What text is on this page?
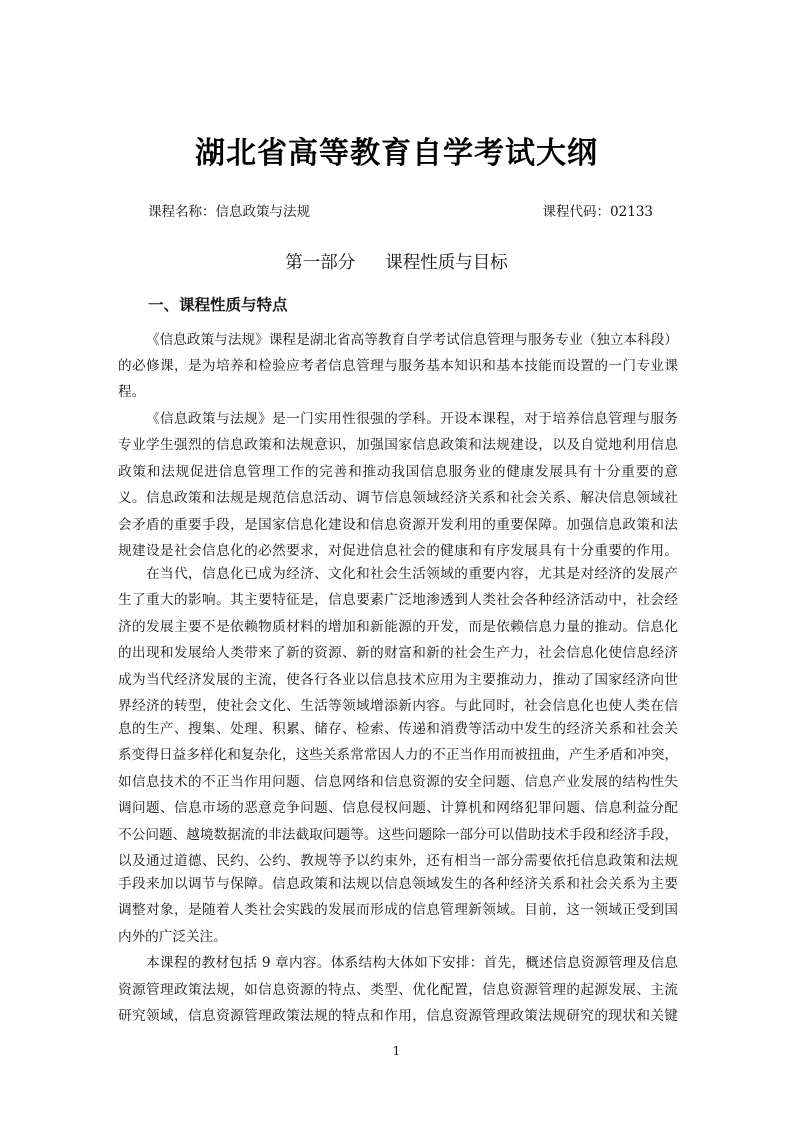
湖北省高等教育自学考试大纲
课程名称：信息政策与法规	课程代码：02133
第一部分 课程性质与目标
一、课程性质与特点
《信息政策与法规》课程是湖北省高等教育自学考试信息管理与服务专业（独立本科段）
的必修课，是为培养和检验应考者信息管理与服务基本知识和基本技能而设置的一门专业课
程。
《信息政策与法规》是一门实用性很强的学科。开设本课程，对于培养信息管理与服务
专业学生强烈的信息政策和法规意识，加强国家信息政策和法规建设，以及自觉地利用信息
政策和法规促进信息管理工作的完善和推动我国信息服务业的健康发展具有十分重要的意
义。信息政策和法规是规范信息活动、调节信息领域经济关系和社会关系、解决信息领域社
会矛盾的重要手段，是国家信息化建设和信息资源开发利用的重要保障。加强信息政策和法
规建设是社会信息化的必然要求，对促进信息社会的健康和有序发展具有十分重要的作用。
在当代，信息化已成为经济、文化和社会生活领域的重要内容，尤其是对经济的发展产
生了重大的影响。其主要特征是，信息要素广泛地渗透到人类社会各种经济活动中，社会经
济的发展主要不是依赖物质材料的增加和新能源的开发，而是依赖信息力量的推动。信息化
的出现和发展给人类带来了新的资源、新的财富和新的社会生产力，社会信息化使信息经济
成为当代经济发展的主流，使各行各业以信息技术应用为主要推动力，推动了国家经济向世
界经济的转型，使社会文化、生活等领域增添新内容。与此同时，社会信息化也使人类在信
息的生产、搜集、处理、积累、储存、检索、传递和消费等活动中发生的经济关系和社会关
系变得日益多样化和复杂化，这些关系常常因人力的不正当作用而被扭曲，产生矛盾和冲突，
如信息技术的不正当作用问题、信息网络和信息资源的安全问题、信息产业发展的结构性失
调问题、信息市场的恶意竞争问题、信息侵权问题、计算机和网络犯罪问题、信息利益分配
不公问题、越境数据流的非法截取问题等。这些问题除一部分可以借助技术手段和经济手段，
以及通过道德、民约、公约、教规等予以约束外，还有相当一部分需要依托信息政策和法规
手段来加以调节与保障。信息政策和法规以信息领域发生的各种经济关系和社会关系为主要
调整对象，是随着人类社会实践的发展而形成的信息管理新领域。目前，这一领域正受到国
内外的广泛关注。
本课程的教材包括 9 章内容。体系结构大体如下安排：首先，概述信息资源管理及信息
资源管理政策法规，如信息资源的特点、类型、优化配置，信息资源管理的起源发展、主流
研究领域，信息资源管理政策法规的特点和作用，信息资源管理政策法规研究的现状和关键
1
